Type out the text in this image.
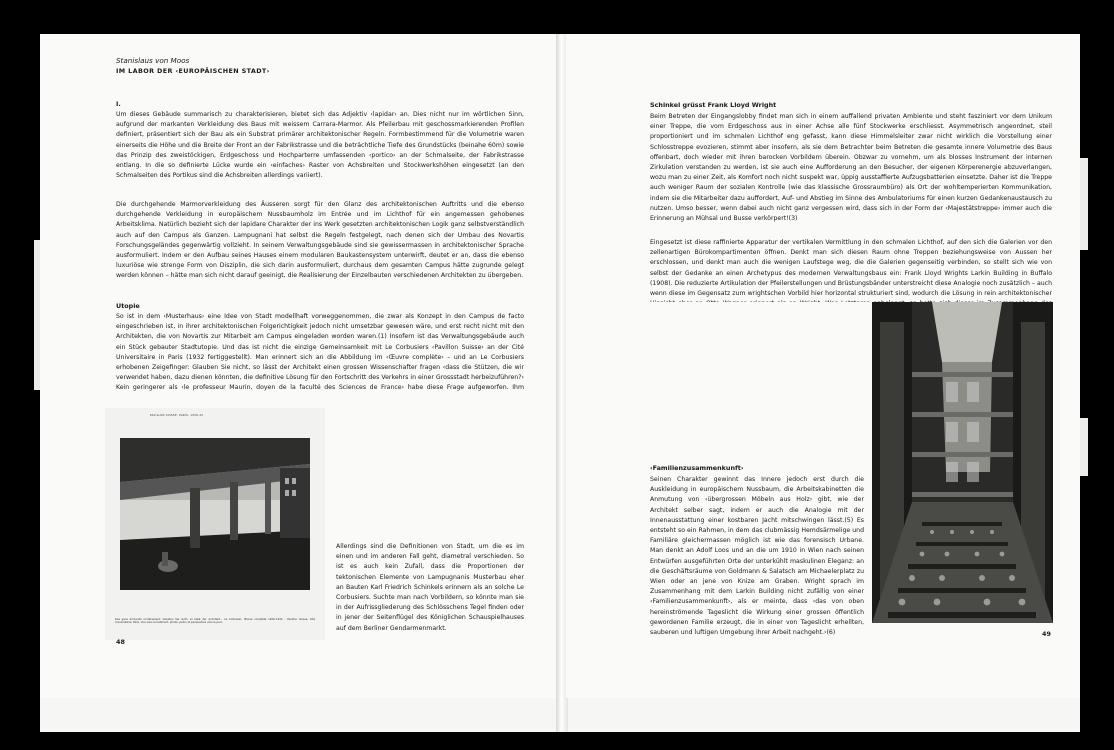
Stanislaus von Moos
IM LABOR DER ‹EUROPÄISCHEN STADT›
I.
Um dieses Gebäude summarisch zu charakterisieren, bietet sich das Adjektiv ‹lapidar› an. Dies nicht nur im wörtlichen Sinn, aufgrund der markanten Verkleidung des Baus mit weissem Carrara-Marmor. Als Pfeilerbau mit geschossmarkierenden Profilen definiert, präsentiert sich der Bau als ein Substrat primärer architektonischer Regeln. Formbestimmend für die Volumetrie waren einerseits die Höhe und die Breite der Front an der Fabrikstrasse und die beträchtliche Tiefe des Grundstücks (beinahe 60m) sowie das Prinzip des zweistöckigen, Erdgeschoss und Hochparterre umfassenden ‹portico› an der Schmalseite, der Fabrikstrasse entlang. In die so definierte Lücke wurde ein ‹einfaches› Raster von Achsbreiten und Stockwerkshöhen eingesetzt (an den Schmalseiten des Portikus sind die Achsbreiten allerdings variiert).
Die durchgehende Marmorverkleidung des Äusseren sorgt für den Glanz des architektonischen Auftritts und die ebenso durchgehende Verkleidung in europäischem Nussbaumholz im Entrée und im Lichthof für ein angemessen gehobenes Arbeitsklima. Natürlich bezieht sich der lapidare Charakter der ins Werk gesetzten architektonischen Logik ganz selbstverständlich auch auf den Campus als Ganzen. Lampugnani hat selbst die Regeln festgelegt, nach denen sich der Umbau des Novartis Forschungsgeländes gegenwärtig vollzieht. In seinem Verwaltungsgebäude sind sie gewissermassen in architektonischer Sprache ausformuliert. Indem er den Aufbau seines Hauses einem modularen Baukastensystem unterwirft, deutet er an, dass die ebenso luxuriöse wie strenge Form von Disziplin, die sich darin ausformuliert, durchaus dem gesamten Campus hätte zugrunde gelegt werden können – hätte man sich nicht darauf geeinigt, die Realisierung der Einzelbauten verschiedenen Architekten zu übergeben.
Utopie
So ist in dem ‹Musterhaus› eine Idee von Stadt modellhaft vorweggenommen, die zwar als Konzept in den Campus de facto eingeschrieben ist, in ihrer architektonischen Folgerichtigkeit jedoch nicht umsetzbar gewesen wäre, und erst recht nicht mit den Architekten, die von Novartis zur Mitarbeit am Campus eingeladen worden waren.(1) Insofern ist das Verwaltungsgebäude auch ein Stück gebauter Stadtutopie. Und das ist nicht die einzige Gemeinsamkeit mit Le Corbusiers ‹Pavillon Suisse› an der Cité Universitaire in Paris (1932 fertiggestellt). Man erinnert sich an die Abbildung im ‹Œuvre complète› – und an Le Corbusiers erhobenen Zeigefinger: Glauben Sie nicht, so lässt der Architekt einen grossen Wissenschafter fragen ‹dass die Stützen, die wir verwendet haben, dazu dienen könnten, die definitive Lösung für den Fortschritt des Verkehrs in einer Grossstadt herbeizuführen?› Kein geringerer als ‹le professeur Maurin, doyen de la faculté des Sciences de France› habe diese Frage aufgeworfen. Ihm
PAVILLON SUISSE, PARIS, 1930-32
Des gens éminents s'intéressent: Glauben Sie nicht, so lässt der Architekt... Le Corbusier, Œuvre complète 1929–1934 – Pavillon Suisse, Cité Universitaire, Paris. Vue sous le bâtiment, pilotis, jardin et perspective vers le parc.
Allerdings sind die Definitionen von Stadt, um die es im einen und im anderen Fall geht, diametral verschieden. So ist es auch kein Zufall, dass die Proportionen der tektonischen Elemente von Lampugnanis Musterbau eher an Bauten Karl Friedrich Schinkels erinnern als an solche Le Corbusiers. Suchte man nach Vorbildern, so könnte man sie in der Aufrissgliederung des Schlösschens Tegel finden oder in jener der Seitenflügel des Königlichen Schauspielhauses auf dem Berliner Gendarmenmarkt.
48
Schinkel grüsst Frank Lloyd Wright
Beim Betreten der Eingangslobby findet man sich in einem auffallend privaten Ambiente und steht fasziniert vor dem Unikum einer Treppe, die vom Erdgeschoss aus in einer Achse alle fünf Stockwerke erschliesst. Asymmetrisch angeordnet, steil proportioniert und im schmalen Lichthof eng gefasst, kann diese Himmelsleiter zwar nicht wirklich die Vorstellung einer Schlosstreppe evozieren, stimmt aber insofern, als sie dem Betrachter beim Betreten die gesamte innere Volumetrie des Baus offenbart, doch wieder mit ihren barocken Vorbildern überein. Obzwar zu vornehm, um als blosses Instrument der internen Zirkulation verstanden zu werden, ist sie auch eine Aufforderung an den Besucher, der eigenen Körperenergie abzuverlangen, wozu man zu einer Zeit, als Komfort noch nicht suspekt war, üppig ausstaffierte Aufzugsbatterien einsetzte. Daher ist die Treppe auch weniger Raum der sozialen Kontrolle (wie das klassische Grossraumbüro) als Ort der wohltemperierten Kommunikation, indem sie die Mitarbeiter dazu auffordert, Auf- und Abstieg im Sinne des Ambulatoriums für einen kurzen Gedankenaustausch zu nutzen. Umso besser, wenn dabei auch nicht ganz vergessen wird, dass sich in der Form der ‹Majestätstreppe› immer auch die Erinnerung an Mühsal und Busse verkörpert!(3)
Eingesetzt ist diese raffinierte Apparatur der vertikalen Vermittlung in den schmalen Lichthof, auf den sich die Galerien vor den zellenartigen Bürokompartimenten öffnen. Denkt man sich diesen Raum ohne Treppen beziehungsweise von Aussen her erschlossen, und denkt man auch die wenigen Laufstege weg, die die Galerien gegenseitig verbinden, so stellt sich wie von selbst der Gedanke an einen Archetypus des modernen Verwaltungsbaus ein: Frank Lloyd Wrights Larkin Building in Buffalo (1908). Die reduzierte Artikulation der Pfeilerstellungen und Brüstungsbänder unterstreicht diese Analogie noch zusätzlich – auch wenn diese im Gegensatz zum wrightschen Vorbild hier horizontal strukturiert sind, wodurch die Lösung in rein architektonischer
‹Familienzusammenkunft›
Seinen Charakter gewinnt das Innere jedoch erst durch die Auskleidung in europäischem Nussbaum, die Arbeitskabinetten die Anmutung von ‹übergrossen Möbeln aus Holz› gibt, wie der Architekt selber sagt, indem er auch die Analogie mit der Innenausstattung einer kostbaren Jacht mitschwingen lässt.(5) Es entsteht so ein Rahmen, in dem das clubmässig Hemdsärmelige und Familiäre gleichermassen möglich ist wie das forensisch Urbane. Man denkt an Adolf Loos und an die um 1910 in Wien nach seinen Entwürfen ausgeführten Orte der unterkühlt maskulinen Eleganz: an die Geschäftsräume von Goldmann & Salatsch am Michaelerplatz zu Wien oder an jene von Knize am Graben. Wright sprach im Zusammenhang mit dem Larkin Building nicht zufällig von einer ‹Familienzusammenkunft›, als er meinte, dass ‹das von oben hereinströmende Tageslicht die Wirkung einer grossen öffentlich gewordenen Familie erzeugt, die in einer von Tageslicht erhellten, sauberen und luftigen Umgebung ihrer Arbeit nachgeht.›(6)	49
